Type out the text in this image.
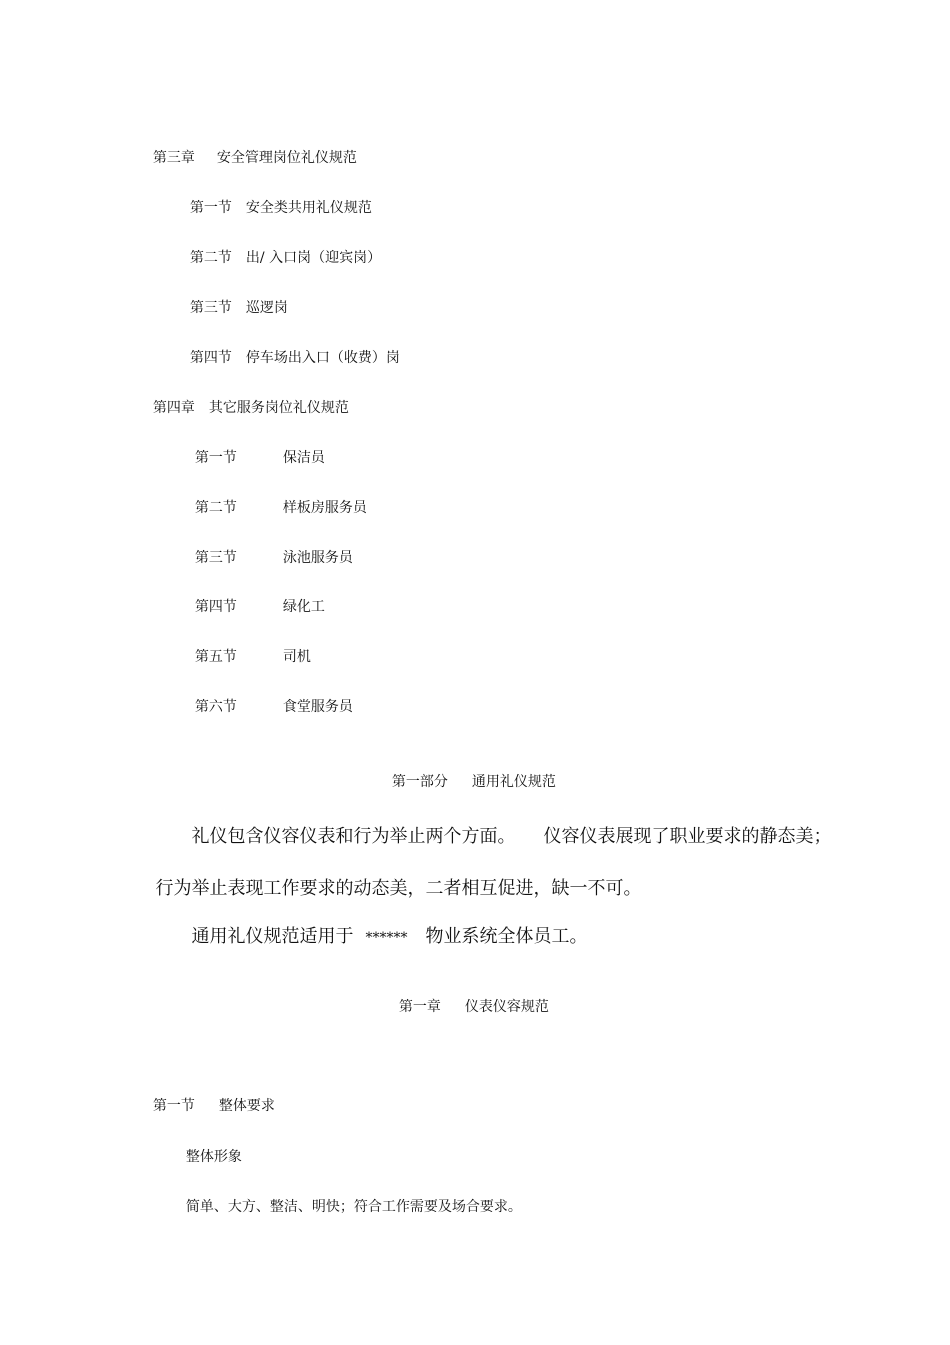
第三章 安全管理岗位礼仪规范

第一节 安全类共用礼仪规范

第二节 出/ 入口岗（迎宾岗）

第三节 巡逻岗

第四节 停车场出入口（收费）岗

第四章 其它服务岗位礼仪规范

第一节	保洁员

第二节	样板房服务员

第三节	泳池服务员

第四节	绿化工

第五节	司机

第六节	食堂服务员

第一部分 通用礼仪规范

礼仪包含仪容仪表和行为举止两个方面。 仪容仪表展现了职业要求的静态美 ；

行为举止表现工作要求的动态美，二者相互促进，缺一不可。

通用礼仪规范适用于 ****** 物业系统全体员工。

第一章 仪表仪容规范

第一节 整体要求

整体形象

简单、大方、整洁、明快；符合工作需要及场合要求。
